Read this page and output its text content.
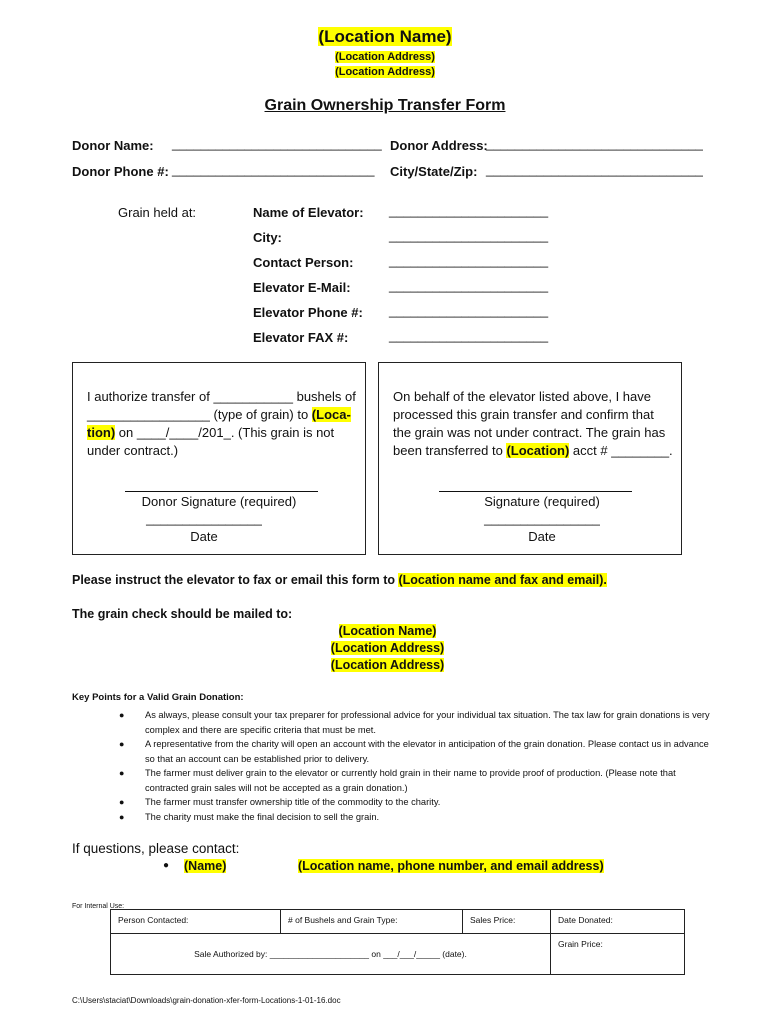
(Location Name)
(Location Address)
(Location Address)
Grain Ownership Transfer Form
Donor Name: _____________________________ Donor Address:
______________________________
Donor Phone #: ____________________________ City/State/Zip: ______________________________
Grain held at:	Name of Elevator: ______________________
City:	______________________
Contact Person:	______________________
Elevator E-Mail:	______________________
Elevator Phone #: ______________________
Elevator FAX #:	______________________
I authorize transfer of ___________ bushels of
_________________ (type of grain) to (Loca-
tion) on ____/____/201_. (This grain is not
under contract.)
Donor Signature (required)
________________
Date
On behalf of the elevator listed above, I have
processed this grain transfer and confirm that
the grain was not under contract. The grain has
been transferred to (Location) acct # ________.
Signature (required)
________________
Date
Please instruct the elevator to fax or email this form to (Location name and fax and email).
The grain check should be mailed to:
(Location Name)
(Location Address)
(Location Address)
Key Points for a Valid Grain Donation:
● As always, please consult your tax preparer for professional advice for your individual tax situation. The tax law for grain donations is very complex and there are specific criteria that must be met.
● A representative from the charity will open an account with the elevator in anticipation of the grain donation. Please contact us in advance so that an account can be established prior to delivery.
● The farmer must deliver grain to the elevator or currently hold grain in their name to provide proof of production. (Please note that contracted grain sales will not be accepted as a grain donation.)
● The farmer must transfer ownership title of the commodity to the charity.
● The charity must make the final decision to sell the grain.
If questions, please contact:
● (Name)	(Location name, phone number, and email address)
For Internal Use:
Person Contacted:	# of Bushels and Grain Type:	Sales Price:	Date Donated:
Sale Authorized by: _____________________ on ___/___/_____ (date).			Grain Price:
C:\Users\staciat\Downloads\grain-donation-xfer-form-Locations-1-01-16.doc
